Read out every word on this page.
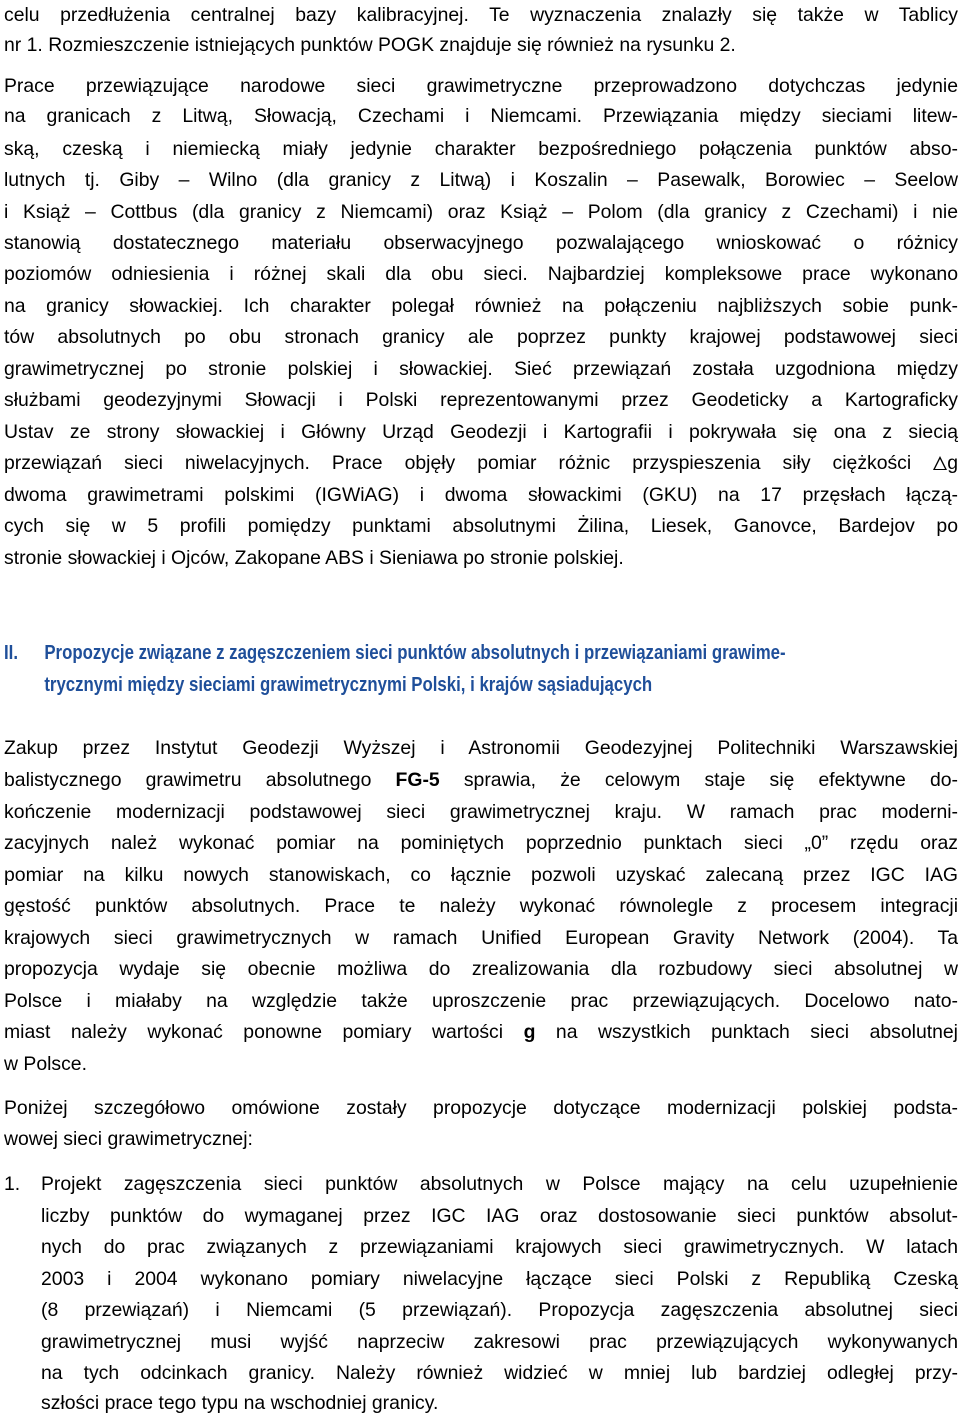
celu przedłużenia centralnej bazy kalibracyjnej. Te wyznaczenia znalazły się także w Tablicy
nr 1. Rozmieszczenie istniejących punktów POGK znajduje się również na rysunku 2.
Prace przewiązujące narodowe sieci grawimetryczne przeprowadzono dotychczas jedynie
na granicach z Litwą, Słowacją, Czechami i Niemcami. Przewiązania między sieciami litew-
ską, czeską i niemiecką miały jedynie charakter bezpośredniego połączenia punktów abso-
lutnych tj. Giby – Wilno (dla granicy z Litwą) i Koszalin – Pasewalk, Borowiec – Seelow
i Książ – Cottbus (dla granicy z Niemcami) oraz Książ – Polom (dla granicy z Czechami) i nie
stanowią dostatecznego materiału obserwacyjnego pozwalającego wnioskować o różnicy
poziomów odniesienia i różnej skali dla obu sieci. Najbardziej kompleksowe prace wykonano
na granicy słowackiej. Ich charakter polegał również na połączeniu najbliższych sobie punk-
tów absolutnych po obu stronach granicy ale poprzez punkty krajowej podstawowej sieci
grawimetrycznej po stronie polskiej i słowackiej. Sieć przewiązań została uzgodniona między
służbami geodezyjnymi Słowacji i Polski reprezentowanymi przez Geodeticky a Kartograficky
Ustav ze strony słowackiej i Główny Urząd Geodezji i Kartografii i pokrywała się ona z siecią
przewiązań sieci niwelacyjnych. Prace objęły pomiar różnic przyspieszenia siły ciężkości g
dwoma grawimetrami polskimi (IGWiAG) i dwoma słowackimi (GKU) na 17 przęsłach łączą-
cych się w 5 profili pomiędzy punktami absolutnymi Żilina, Liesek, Ganovce, Bardejov po
stronie słowackiej i Ojców, Zakopane ABS i Sieniawa po stronie polskiej.
II. Propozycje związane z zagęszczeniem sieci punktów absolutnych i przewiązaniami grawime-
trycznymi między sieciami grawimetrycznymi Polski, i krajów sąsiadujących
Zakup przez Instytut Geodezji Wyższej i Astronomii Geodezyjnej Politechniki Warszawskiej
balistycznego grawimetru absolutnego FG-5 sprawia, że celowym staje się efektywne do-
kończenie modernizacji podstawowej sieci grawimetrycznej kraju. W ramach prac moderni-
zacyjnych należ wykonać pomiar na pominiętych poprzednio punktach sieci „0” rzędu oraz
pomiar na kilku nowych stanowiskach, co łącznie pozwoli uzyskać zalecaną przez IGC IAG
gęstość punktów absolutnych. Prace te należy wykonać równolegle z procesem integracji
krajowych sieci grawimetrycznych w ramach Unified European Gravity Network (2004). Ta
propozycja wydaje się obecnie możliwa do zrealizowania dla rozbudowy sieci absolutnej w
Polsce i miałaby na względzie także uproszczenie prac przewiązujących. Docelowo nato-
miast należy wykonać ponowne pomiary wartości g na wszystkich punktach sieci absolutnej
w Polsce.
Poniżej szczegółowo omówione zostały propozycje dotyczące modernizacji polskiej podsta-
wowej sieci grawimetrycznej:
1. Projekt zagęszczenia sieci punktów absolutnych w Polsce mający na celu uzupełnienie
liczby punktów do wymaganej przez IGC IAG oraz dostosowanie sieci punktów absolut-
nych do prac związanych z przewiązaniami krajowych sieci grawimetrycznych. W latach
2003 i 2004 wykonano pomiary niwelacyjne łączące sieci Polski z Republiką Czeską
(8 przewiązań) i Niemcami (5 przewiązań). Propozycja zagęszczenia absolutnej sieci
grawimetrycznej musi wyjść naprzeciw zakresowi prac przewiązujących wykonywanych
na tych odcinkach granicy. Należy również widzieć w mniej lub bardziej odległej przy-
szłości prace tego typu na wschodniej granicy.
